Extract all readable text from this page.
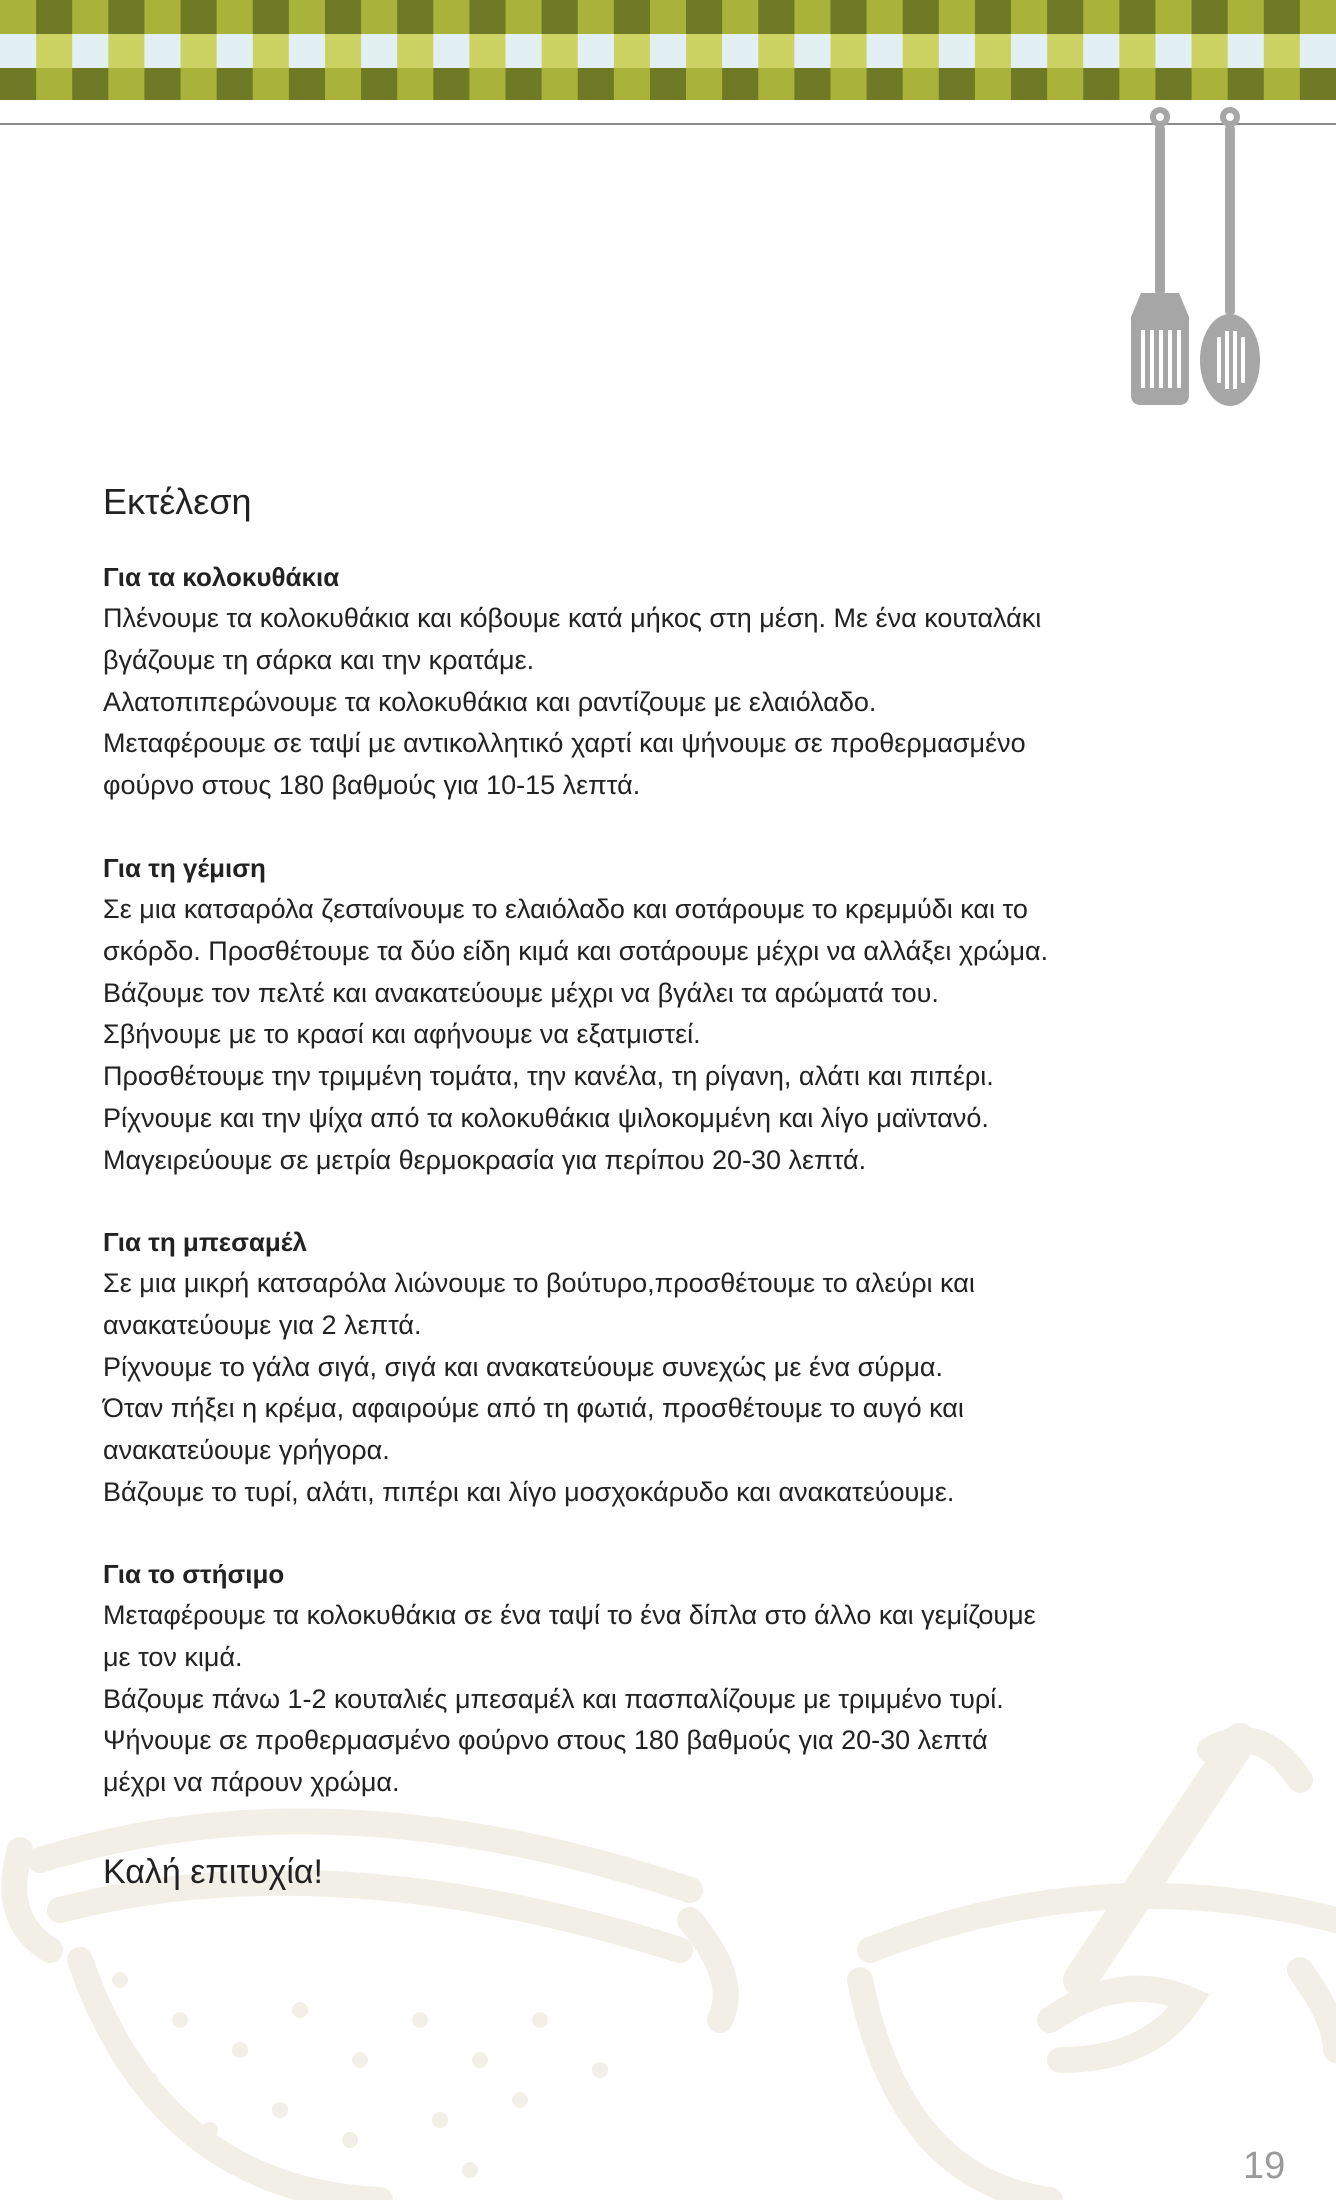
Εκτέλεση
Για τα κολοκυθάκια

Πλένουμε τα κολοκυθάκια και κόβουμε κατά μήκος στη μέση. Με ένα κουταλάκι

βγάζουμε τη σάρκα και την κρατάμε.

Αλατοπιπερώνουμε τα κολοκυθάκια και ραντίζουμε με ελαιόλαδο.

Μεταφέρουμε σε ταψί με αντικολλητικό χαρτί και ψήνουμε σε προθερμασμένο

φούρνο στους 180 βαθμούς για 10-15 λεπτά.

Για τη γέμιση

Σε μια κατσαρόλα ζεσταίνουμε το ελαιόλαδο και σοτάρουμε το κρεμμύδι και το

σκόρδο. Προσθέτουμε τα δύο είδη κιμά και σοτάρουμε μέχρι να αλλάξει χρώμα.

Βάζουμε τον πελτέ και ανακατεύουμε μέχρι να βγάλει τα αρώματά του.

Σβήνουμε με το κρασί και αφήνουμε να εξατμιστεί.

Προσθέτουμε την τριμμένη τομάτα, την κανέλα, τη ρίγανη, αλάτι και πιπέρι.

Ρίχνουμε και την ψίχα από τα κολοκυθάκια ψιλοκομμένη και λίγο μαϊντανό.

Μαγειρεύουμε σε μετρία θερμοκρασία για περίπου 20-30 λεπτά.

Για τη μπεσαμέλ

Σε μια μικρή κατσαρόλα λιώνουμε το βούτυρο,προσθέτουμε το αλεύρι και

ανακατεύουμε για 2 λεπτά.

Ρίχνουμε το γάλα σιγά, σιγά και ανακατεύουμε συνεχώς με ένα σύρμα.

Όταν πήξει η κρέμα, αφαιρούμε από τη φωτιά, προσθέτουμε το αυγό και

ανακατεύουμε γρήγορα.

Βάζουμε το τυρί, αλάτι, πιπέρι και λίγο μοσχοκάρυδο και ανακατεύουμε.

Για το στήσιμο

Μεταφέρουμε τα κολοκυθάκια σε ένα ταψί το ένα δίπλα στο άλλο και γεμίζουμε

με τον κιμά.

Βάζουμε πάνω 1-2 κουταλιές μπεσαμέλ και πασπαλίζουμε με τριμμένο τυρί.

Ψήνουμε σε προθερμασμένο φούρνο στους 180 βαθμούς για 20-30 λεπτά

μέχρι να πάρουν χρώμα.

Καλή επιτυχία!

19
